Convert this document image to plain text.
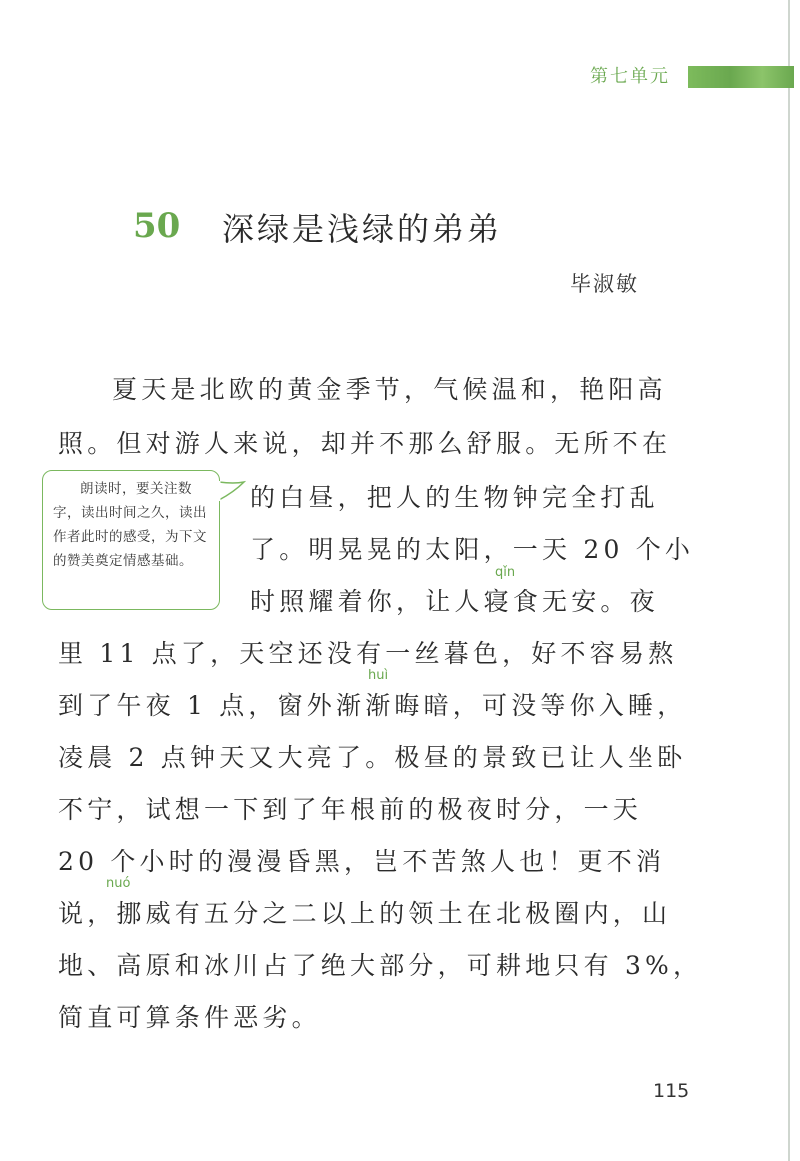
第七单元
50 深绿是浅绿的弟弟
毕淑敏
夏天是北欧的黄金季节，气候温和，艳阳高
照。但对游人来说，却并不那么舒服。无所不在
的白昼，把人的生物钟完全打乱
了。明晃晃的太阳，一天 20 个小
qǐn
时照耀着你，让人寝食无安。夜
里 11 点了，天空还没有一丝暮色，好不容易熬
huì
到了午夜 1 点，窗外渐渐晦暗，可没等你入睡，
凌晨 2 点钟天又大亮了。极昼的景致已让人坐卧
不宁，试想一下到了年根前的极夜时分，一天
20 个小时的漫漫昏黑，岂不苦煞人也！更不消
nuó
说，挪威有五分之二以上的领土在北极圈内，山
地、高原和冰川占了绝大部分，可耕地只有 3%，
简直可算条件恶劣。

朗读时，要关注数字，读出时间之久，读出作者此时的感受，为下文的赞美奠定情感基础。

115
